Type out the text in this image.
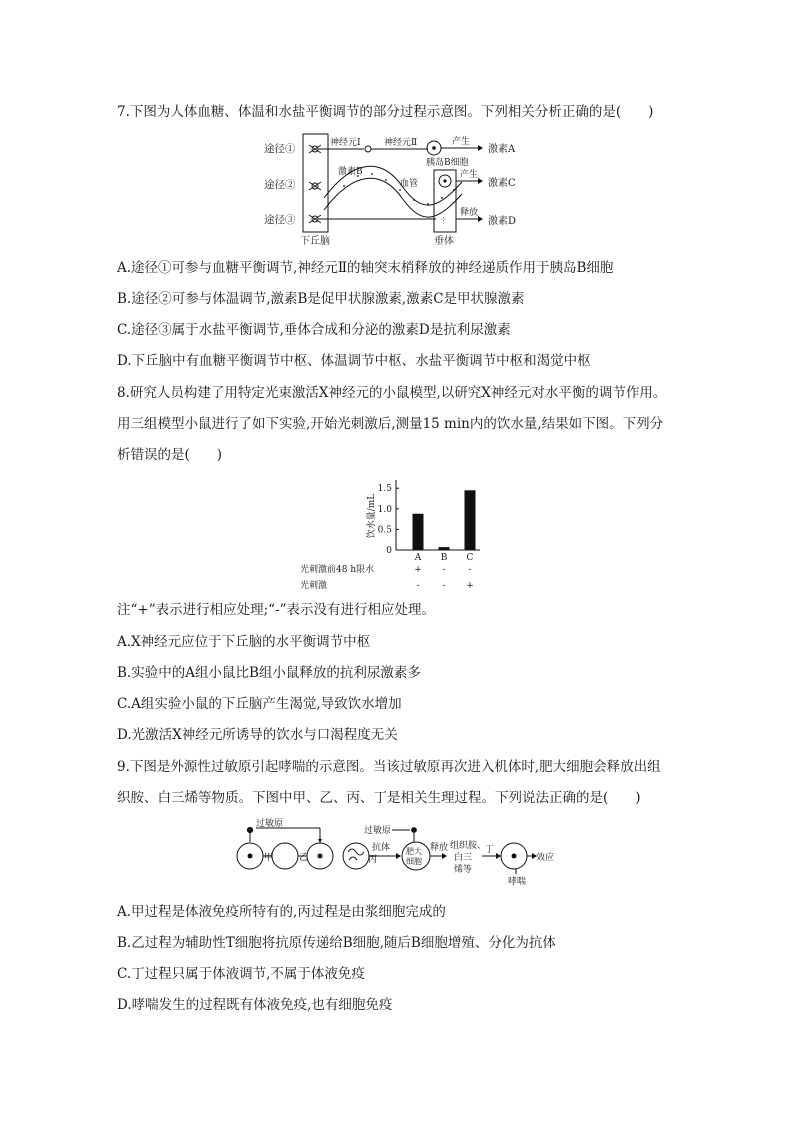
7.下图为人体血糖、体温和水盐平衡调节的部分过程示意图。下列相关分析正确的是(　　)
途径①
途径②
途径③
下丘脑
神经元Ⅰ	神经元Ⅱ	产生
激素A
激素B
血管
胰岛B细胞
垂体
产生
激素C
⁘
释放
激素D
A.途径①可参与血糖平衡调节,神经元Ⅱ的轴突末梢释放的神经递质作用于胰岛B细胞
B.途径②可参与体温调节,激素B是促甲状腺激素,激素C是甲状腺激素
C.途径③属于水盐平衡调节,垂体合成和分泌的激素D是抗利尿激素
D.下丘脑中有血糖平衡调节中枢、体温调节中枢、水盐平衡调节中枢和渴觉中枢
8.研究人员构建了用特定光束激活X神经元的小鼠模型,以研究X神经元对水平衡的调节作用。
用三组模型小鼠进行了如下实验,开始光刺激后,测量15 min内的饮水量,结果如下图。下列分
析错误的是(　　)
饮水量/mL
0
0.5
1.0
1.5
A B C
光刺激前48 h限水	+ -	-
光刺激	-	- +
注“+”表示进行相应处理;“-”表示没有进行相应处理。
A.X神经元应位于下丘脑的水平衡调节中枢
B.实验中的A组小鼠比B组小鼠释放的抗利尿激素多
C.A组实验小鼠的下丘脑产生渴觉,导致饮水增加
D.光激活X神经元所诱导的饮水与口渴程度无关
9.下图是外源性过敏原引起哮喘的示意图。当该过敏原再次进入机体时,肥大细胞会释放出组
织胺、白三烯等物质。下图中甲、乙、丙、丁是相关生理过程。下列说法正确的是(　　)
过敏原
过敏原
甲	乙	丙
抗体 肥大
细胞
释放 组织胺、
白三
烯等
丁
效应
哮喘
A.甲过程是体液免疫所特有的,丙过程是由浆细胞完成的
B.乙过程为辅助性T细胞将抗原传递给B细胞,随后B细胞增殖、分化为抗体
C.丁过程只属于体液调节,不属于体液免疫
D.哮喘发生的过程既有体液免疫,也有细胞免疫
